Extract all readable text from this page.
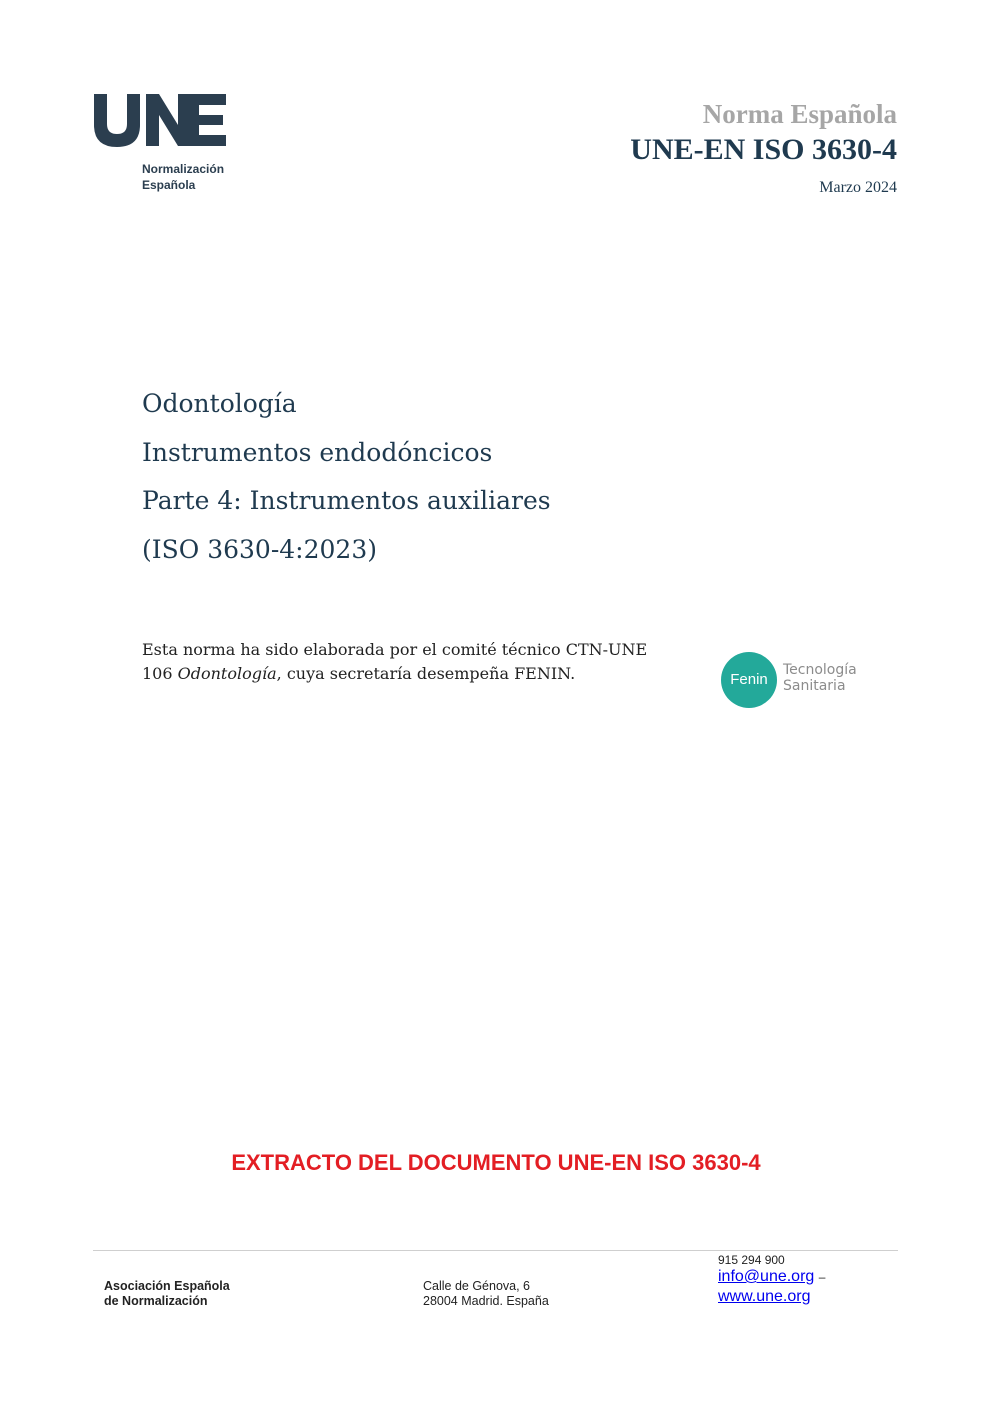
Normalización
Española
Norma Española
UNE-EN ISO 3630-4
Marzo 2024
Odontología
Instrumentos endodóncicos
Parte 4: Instrumentos auxiliares
(ISO 3630-4:2023)
Esta norma ha sido elaborada por el comité técnico CTN-UNE 106 Odontología, cuya secretaría desempeña FENIN.	Fenin
Tecnología
Sanitaria
EXTRACTO DEL DOCUMENTO UNE-EN ISO 3630-4
Asociación Española
de Normalización
Calle de Génova, 6
28004 Madrid. España
915 294 900
info@une.org –
www.une.org
